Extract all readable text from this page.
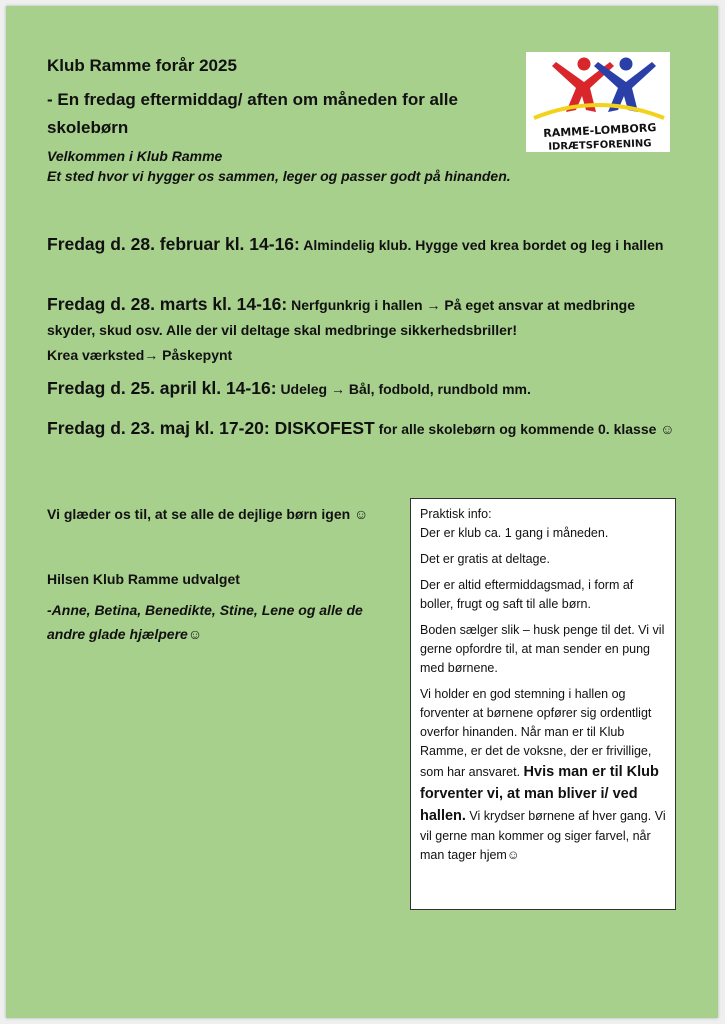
Klub Ramme forår 2025
- En fredag eftermiddag/ aften om måneden for alle skolebørn
Velkommen i Klub Ramme
Et sted hvor vi hygger os sammen, leger og passer godt på hinanden.
RAMME-LOMBORG
IDRÆTSFORENING
Fredag d. 28. februar kl. 14-16: Almindelig klub. Hygge ved krea bordet og leg i hallen
Fredag d. 28. marts kl. 14-16: Nerfgunkrig i hallen → På eget ansvar at medbringe skyder, skud osv. Alle der vil deltage skal medbringe sikkerhedsbriller!
Krea værksted→ Påskepynt
Fredag d. 25. april kl. 14-16: Udeleg → Bål, fodbold, rundbold mm.
Fredag d. 23. maj kl. 17-20: DISKOFEST for alle skolebørn og kommende 0. klasse ☺
Vi glæder os til, at se alle de dejlige børn igen ☺
Hilsen Klub Ramme udvalget
-Anne, Betina, Benedikte, Stine, Lene og alle de andre glade hjælpere☺
Praktisk info:

Der er klub ca. 1 gang i måneden.

Det er gratis at deltage.

Der er altid eftermiddagsmad, i form af boller, frugt og saft til alle børn.

Boden sælger slik – husk penge til det. Vi vil gerne opfordre til, at man sender en pung med børnene.

Vi holder en god stemning i hallen og forventer at børnene opfører sig ordentligt overfor hinanden. Når man er til Klub Ramme, er det de voksne, der er frivillige, som har ansvaret. Hvis man er til Klub forventer vi, at man bliver i/ ved hallen. Vi krydser børnene af hver gang. Vi vil gerne man kommer og siger farvel, når man tager hjem☺
